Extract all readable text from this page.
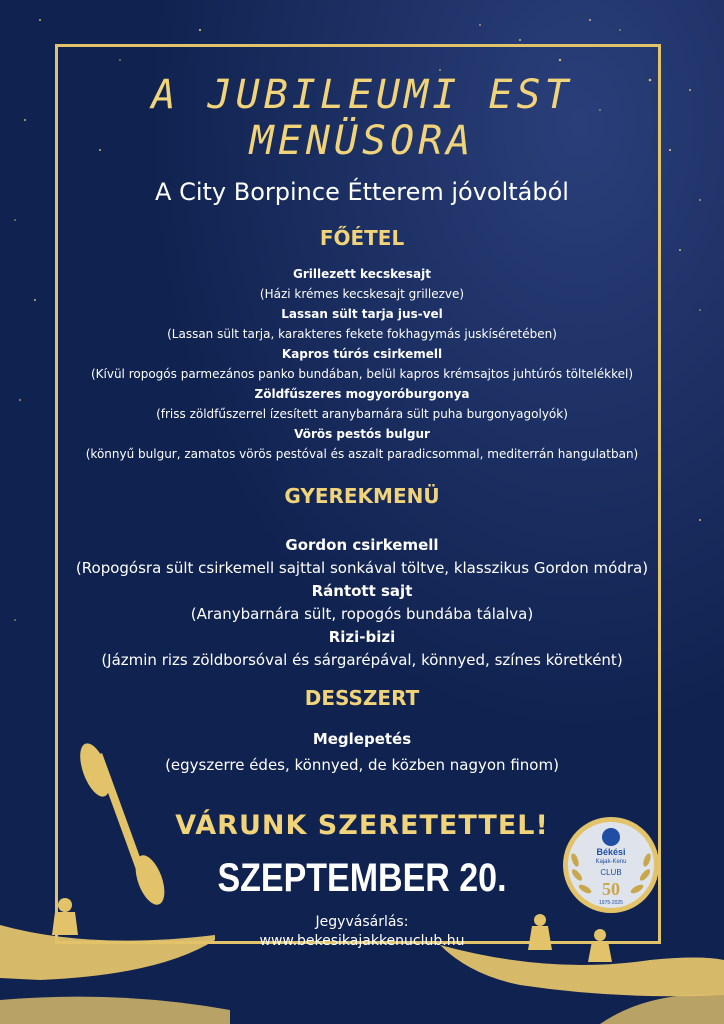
A JUBILEUMI EST
MENÜSORA
A City Borpince Étterem jóvoltából
FŐÉTEL
Grillezett kecskesajt
(Házi krémes kecskesajt grillezve)
Lassan sült tarja jus-vel
(Lassan sült tarja, karakteres fekete fokhagymás juskíséretében)
Kapros túrós csirkemell
(Kívül ropogós parmezános panko bundában, belül kapros krémsajtos juhtúrós töltelékkel)
Zöldfűszeres mogyoróburgonya
(friss zöldfűszerrel ízesített aranybarnára sült puha burgonyagolyók)
Vörös pestós bulgur
(könnyű bulgur, zamatos vörös pestóval és aszalt paradicsommal, mediterrán hangulatban)
GYEREKMENÜ
Gordon csirkemell
(Ropogósra sült csirkemell sajttal sonkával töltve, klasszikus Gordon módra)
Rántott sajt
(Aranybarnára sült, ropogós bundába tálalva)
Rizi-bizi
(Jázmin rizs zöldborsóval és sárgarépával, könnyed, színes köretként)
DESSZERT
Meglepetés
(egyszerre édes, könnyed, de közben nagyon finom)
VÁRUNK SZERETETTEL!
SZEPTEMBER 20.
Jegyvásárlás:
www.bekesikajakkenuclub.hu
Békési
Kajak-Kenu
CLUB
50
1975-2025
